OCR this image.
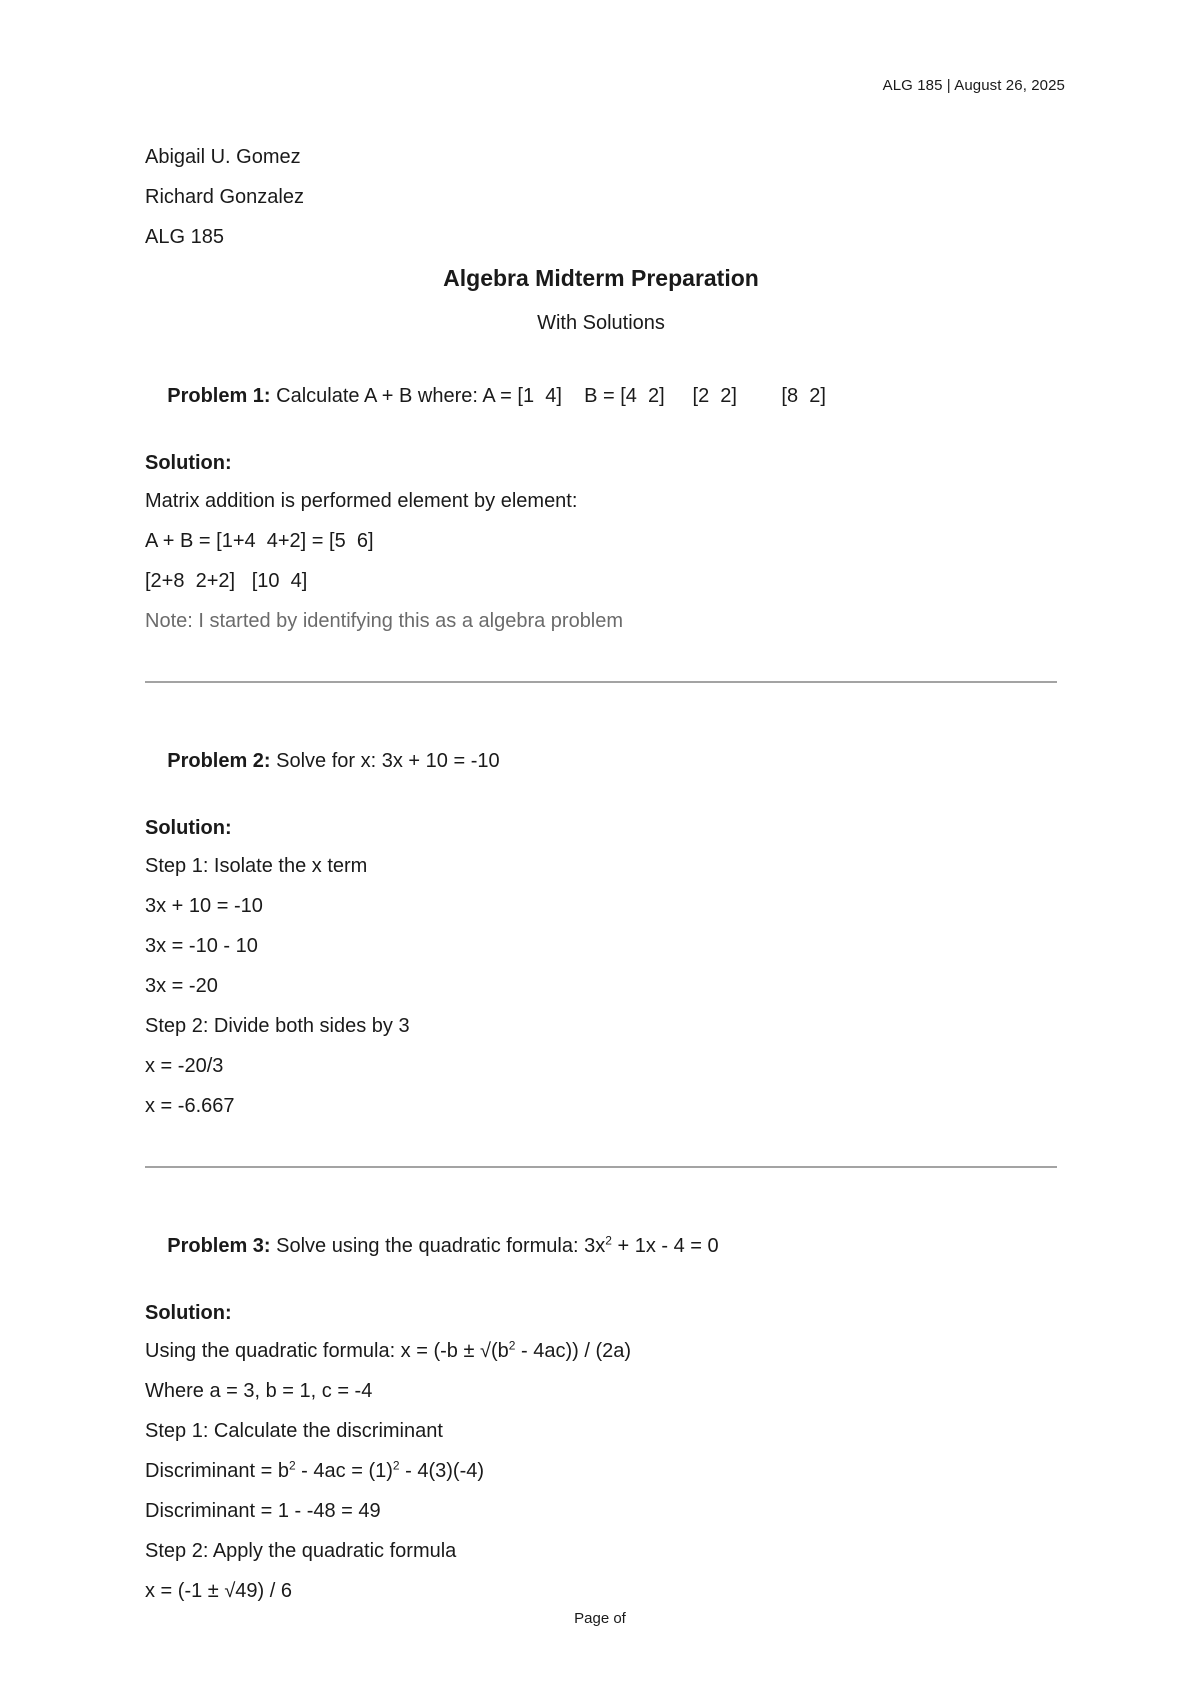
ALG 185 | August 26, 2025
Abigail U. Gomez
Richard Gonzalez
ALG 185
Algebra Midterm Preparation
With Solutions

Problem 1: Calculate A + B where: A = [1  4]    B = [4  2]     [2  2]        [8  2]

Solution:
Matrix addition is performed element by element:
A + B = [1+4  4+2] = [5  6]
[2+8  2+2]   [10  4]
Note: I started by identifying this as a algebra problem

Problem 2: Solve for x: 3x + 10 = -10

Solution:
Step 1: Isolate the x term
3x + 10 = -10
3x = -10 - 10
3x = -20
Step 2: Divide both sides by 3
x = -20/3
x = -6.667

Problem 3: Solve using the quadratic formula: $3x^2 + 1x - 4 = 0$

Solution:
Using the quadratic formula: $x = (-b \pm √(b^2 - 4ac)) / (2a)$
Where a = 3, b = 1, c = -4
Step 1: Calculate the discriminant
Discriminant = $b^2 - 4ac = (1)^2 - 4(3)(-4)$
Discriminant = 1 - -48 = 49
Step 2: Apply the quadratic formula
x = (-1 ± √49) / 6
Page of
